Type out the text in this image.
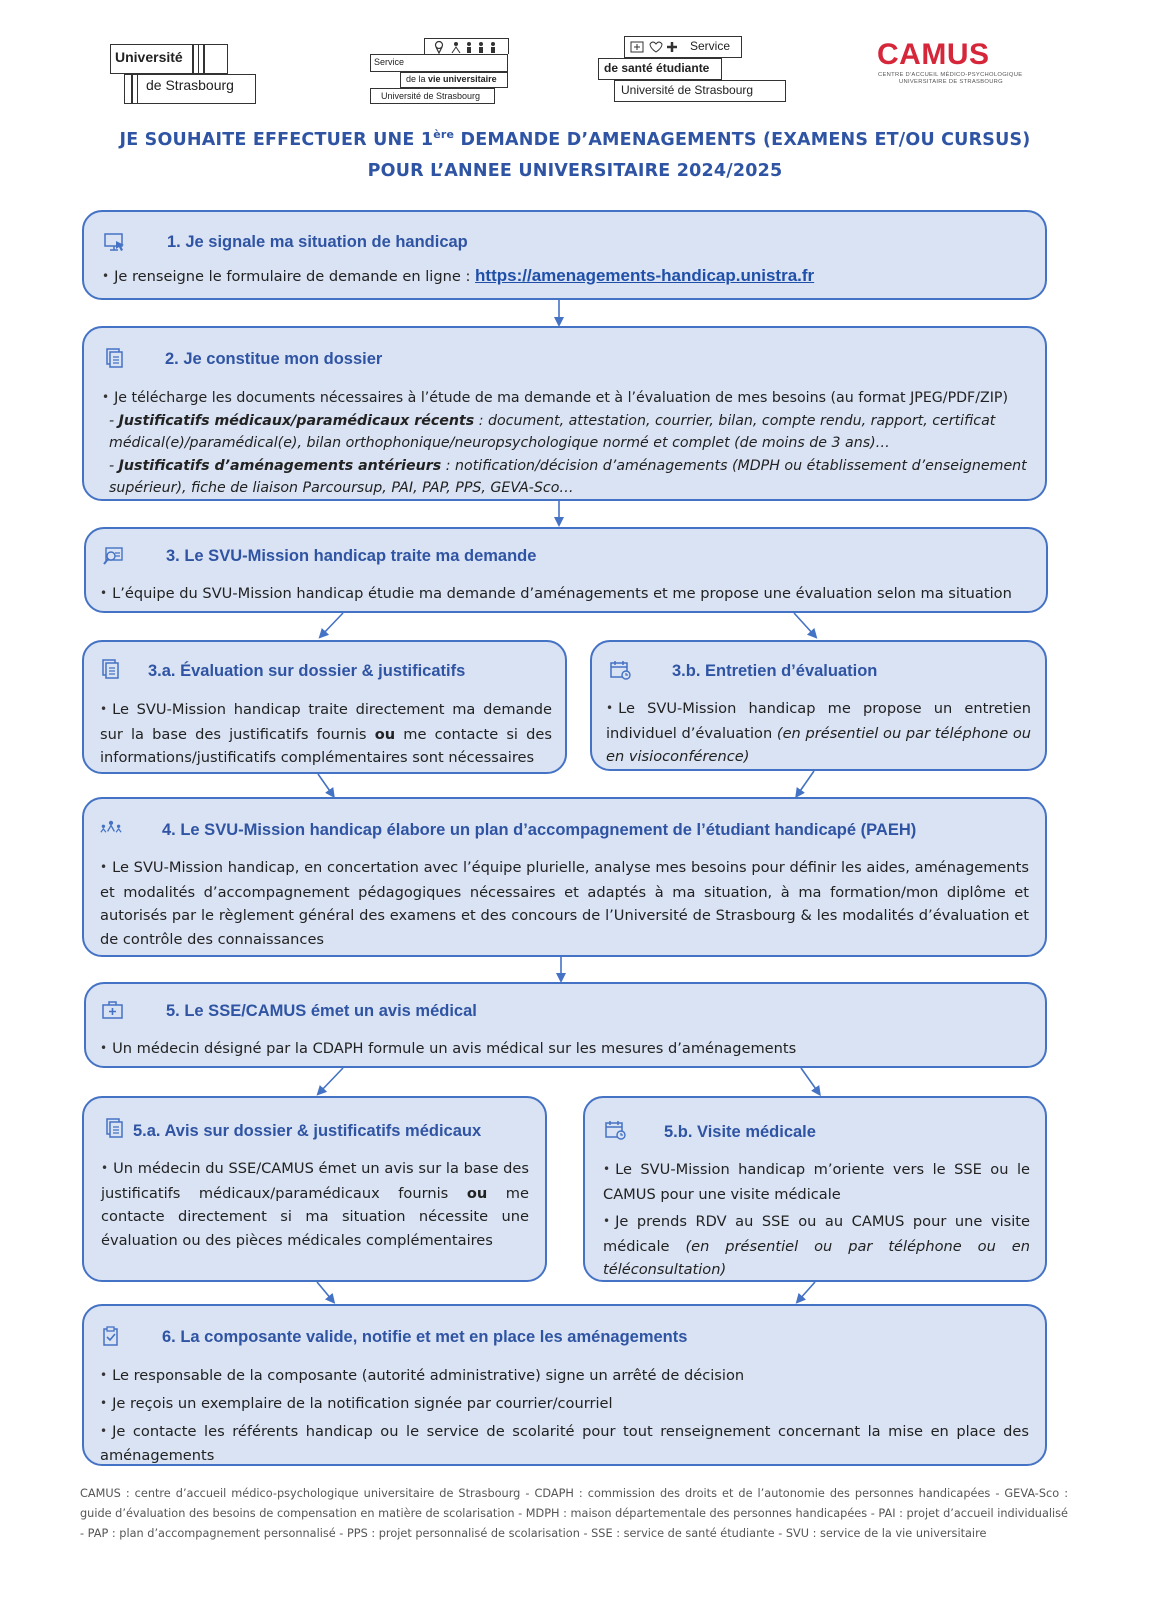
Université
de Strasbourg
Service
de la vie universitaire
Université de Strasbourg
Service
de santé étudiante
Université de Strasbourg
CAMUS
CENTRE D'ACCUEIL MÉDICO-PSYCHOLOGIQUE
UNIVERSITAIRE DE STRASBOURG
JE SOUHAITE EFFECTUER UNE 1ère DEMANDE D’AMENAGEMENTS (EXAMENS ET/OU CURSUS)
POUR L’ANNEE UNIVERSITAIRE 2024/2025
1. Je signale ma situation de handicap
• Je renseigne le formulaire de demande en ligne : https://amenagements-handicap.unistra.fr
2. Je constitue mon dossier
• Je télécharge les documents nécessaires à l’étude de ma demande et à l’évaluation de mes besoins (au format JPEG/PDF/ZIP)
- Justificatifs médicaux/paramédicaux récents : document, attestation, courrier, bilan, compte rendu, rapport, certificat
médical(e)/paramédical(e), bilan orthophonique/neuropsychologique normé et complet (de moins de 3 ans)…
- Justificatifs d’aménagements antérieurs : notification/décision d’aménagements (MDPH ou établissement d’enseignement
supérieur), fiche de liaison Parcoursup, PAI, PAP, PPS, GEVA-Sco…
3. Le SVU-Mission handicap traite ma demande
• L’équipe du SVU-Mission handicap étudie ma demande d’aménagements et me propose une évaluation selon ma situation
3.a. Évaluation sur dossier & justificatifs
• Le SVU-Mission handicap traite directement ma demande sur la base des justificatifs fournis ou me contacte si des informations/justificatifs complémentaires sont nécessaires
3.b. Entretien d’évaluation
• Le SVU-Mission handicap me propose un entretien individuel d’évaluation (en présentiel ou par téléphone ou en visioconférence)
4. Le SVU-Mission handicap élabore un plan d’accompagnement de l’étudiant handicapé (PAEH)
• Le SVU-Mission handicap, en concertation avec l’équipe plurielle, analyse mes besoins pour définir les aides, aménagements et modalités d’accompagnement pédagogiques nécessaires et adaptés à ma situation, à ma formation/mon diplôme et autorisés par le règlement général des examens et des concours de l’Université de Strasbourg & les modalités d’évaluation et de contrôle des connaissances
5. Le SSE/CAMUS émet un avis médical
• Un médecin désigné par la CDAPH formule un avis médical sur les mesures d’aménagements
5.a. Avis sur dossier & justificatifs médicaux
• Un médecin du SSE/CAMUS émet un avis sur la base des justificatifs médicaux/paramédicaux fournis ou me contacte directement si ma situation nécessite une évaluation ou des pièces médicales complémentaires
5.b. Visite médicale
• Le SVU-Mission handicap m’oriente vers le SSE ou le CAMUS pour une visite médicale
• Je prends RDV au SSE ou au CAMUS pour une visite médicale (en présentiel ou par téléphone ou en téléconsultation)
6. La composante valide, notifie et met en place les aménagements
• Le responsable de la composante (autorité administrative) signe un arrêté de décision
• Je reçois un exemplaire de la notification signée par courrier/courriel
• Je contacte les référents handicap ou le service de scolarité pour tout renseignement concernant la mise en place des aménagements
CAMUS : centre d’accueil médico-psychologique universitaire de Strasbourg - CDAPH : commission des droits et de l’autonomie des personnes handicapées - GEVA-Sco : guide d’évaluation des besoins de compensation en matière de scolarisation - MDPH : maison départementale des personnes handicapées - PAI : projet d’accueil individualisé - PAP : plan d’accompagnement personnalisé - PPS : projet personnalisé de scolarisation - SSE : service de santé étudiante - SVU : service de la vie universitaire
